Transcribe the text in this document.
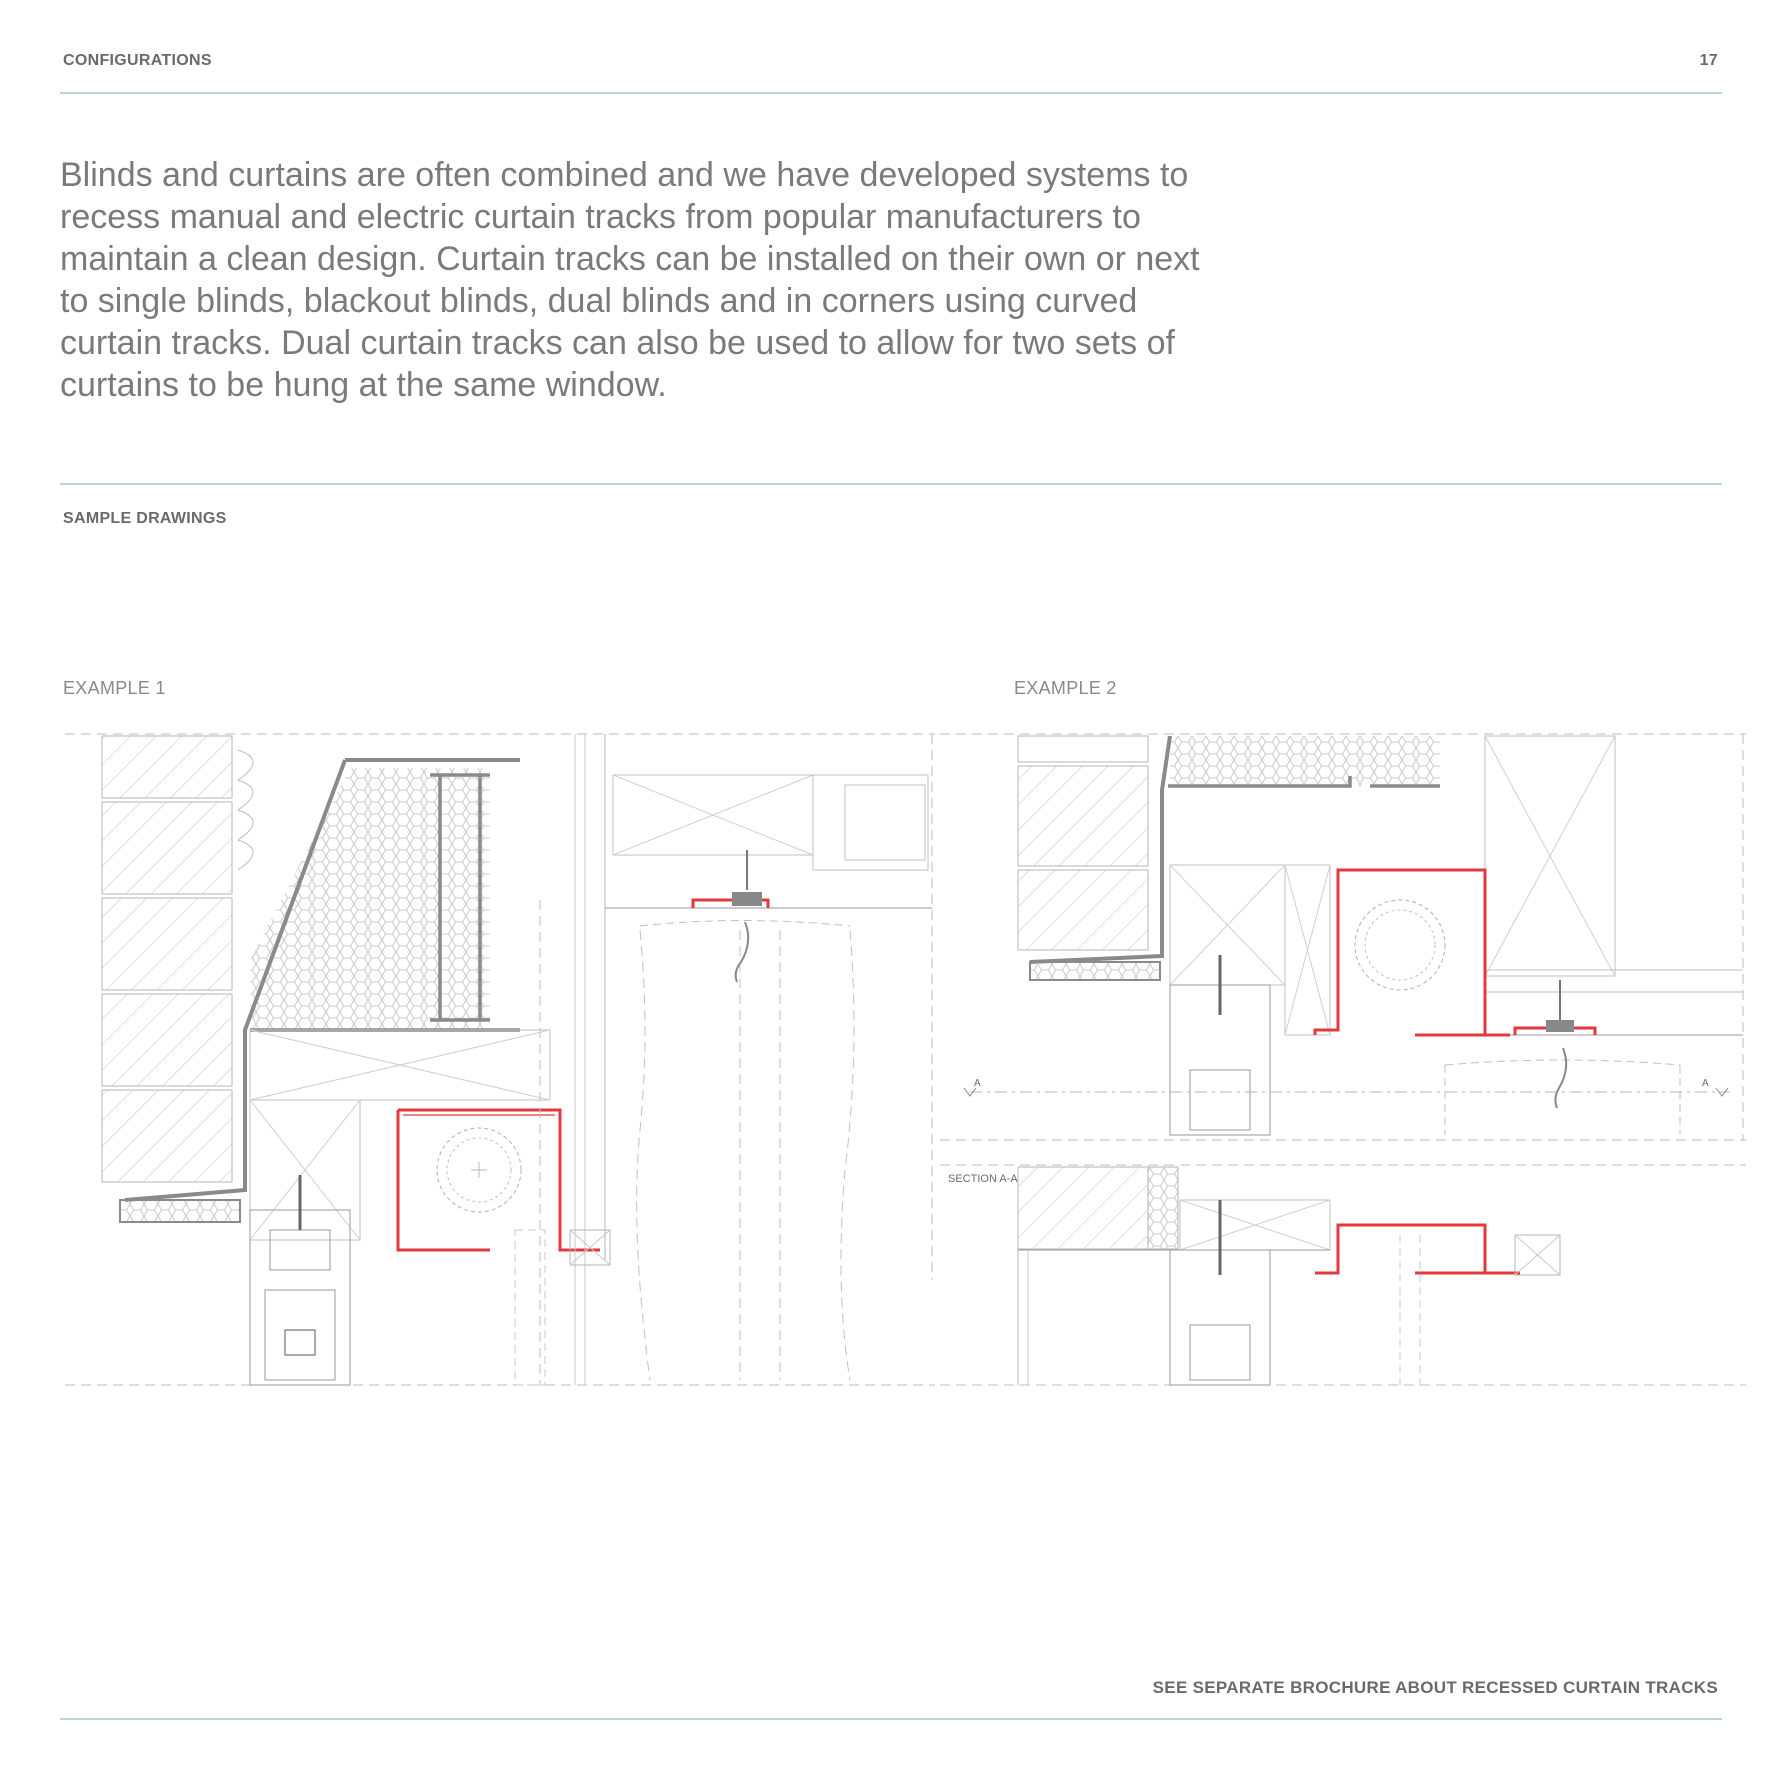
CONFIGURATIONS	17

Blinds and curtains are often combined and we have developed systems to recess manual and electric curtain tracks from popular manufacturers to maintain a clean design. Curtain tracks can be installed on their own or next to single blinds, blackout blinds, dual blinds and in corners using curved curtain tracks. Dual curtain tracks can also be used to allow for two sets of curtains to be hung at the same window.

SAMPLE DRAWINGS
EXAMPLE 1	EXAMPLE 2
A	A
SECTION A-A
SEE SEPARATE BROCHURE ABOUT RECESSED CURTAIN TRACKS
